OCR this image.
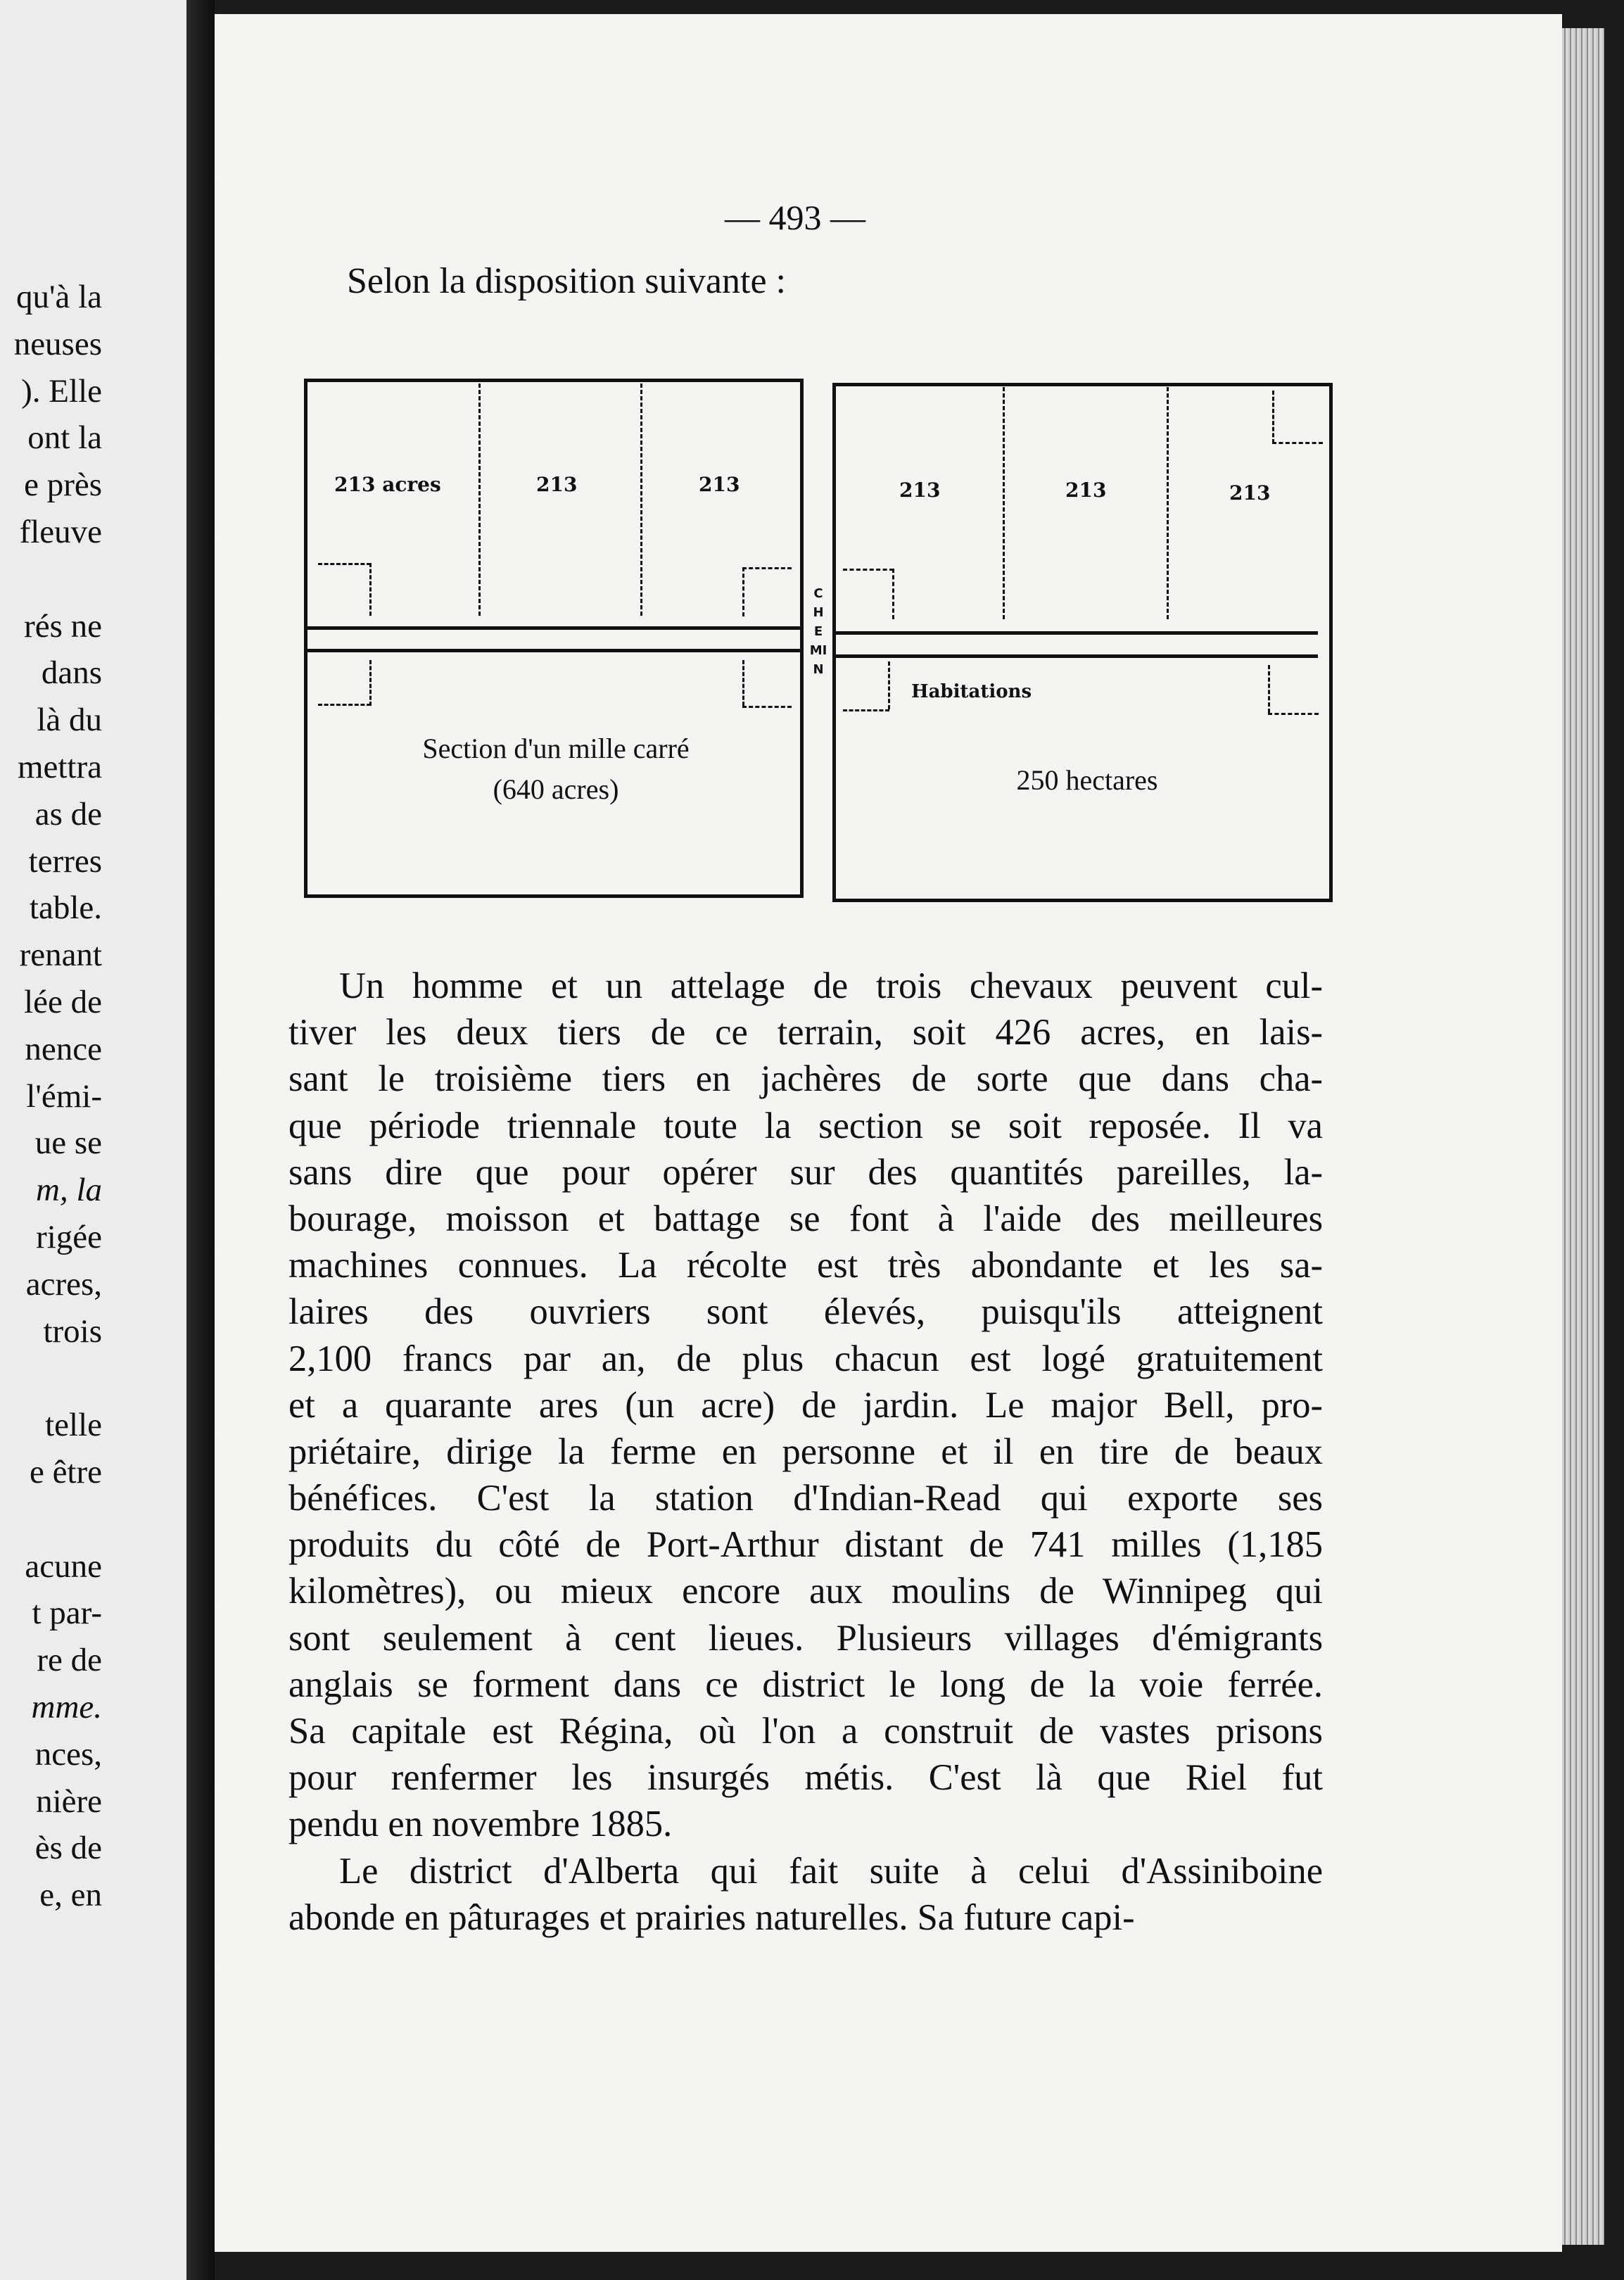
qu'à la
neuses
). Elle
ont la
e près
fleuve
rés ne
dans
là du
mettra
as de
terres
table.
renant
lée de
nence
l'émi-
ue se
m, la
rigée
acres,
trois
telle
e être
acune
t par-
re de
mme.
nces,
nière
ès de
e, en
— 493 —
Selon la disposition suivante :
213 acres	213	213	213	213	213
Habitations
Section d'un mille carré
(640 acres)	250 hectares
CHEMIN

Un homme et un attelage de trois chevaux peuvent cul-
tiver les deux tiers de ce terrain, soit 426 acres, en lais-
sant le troisième tiers en jachères de sorte que dans cha-
que période triennale toute la section se soit reposée. Il va
sans dire que pour opérer sur des quantités pareilles, la-
bourage, moisson et battage se font à l'aide des meilleures
machines connues. La récolte est très abondante et les sa-
laires des ouvriers sont élevés, puisqu'ils atteignent
2,100 francs par an, de plus chacun est logé gratuitement
et a quarante ares (un acre) de jardin. Le major Bell, pro-
priétaire, dirige la ferme en personne et il en tire de beaux
bénéfices. C'est la station d'Indian-Read qui exporte ses
produits du côté de Port-Arthur distant de 741 milles (1,185
kilomètres), ou mieux encore aux moulins de Winnipeg qui
sont seulement à cent lieues. Plusieurs villages d'émigrants
anglais se forment dans ce district le long de la voie ferrée.
Sa capitale est Régina, où l'on a construit de vastes prisons
pour renfermer les insurgés métis. C'est là que Riel fut
pendu en novembre 1885.

Le district d'Alberta qui fait suite à celui d'Assiniboine
abonde en pâturages et prairies naturelles. Sa future capi-
